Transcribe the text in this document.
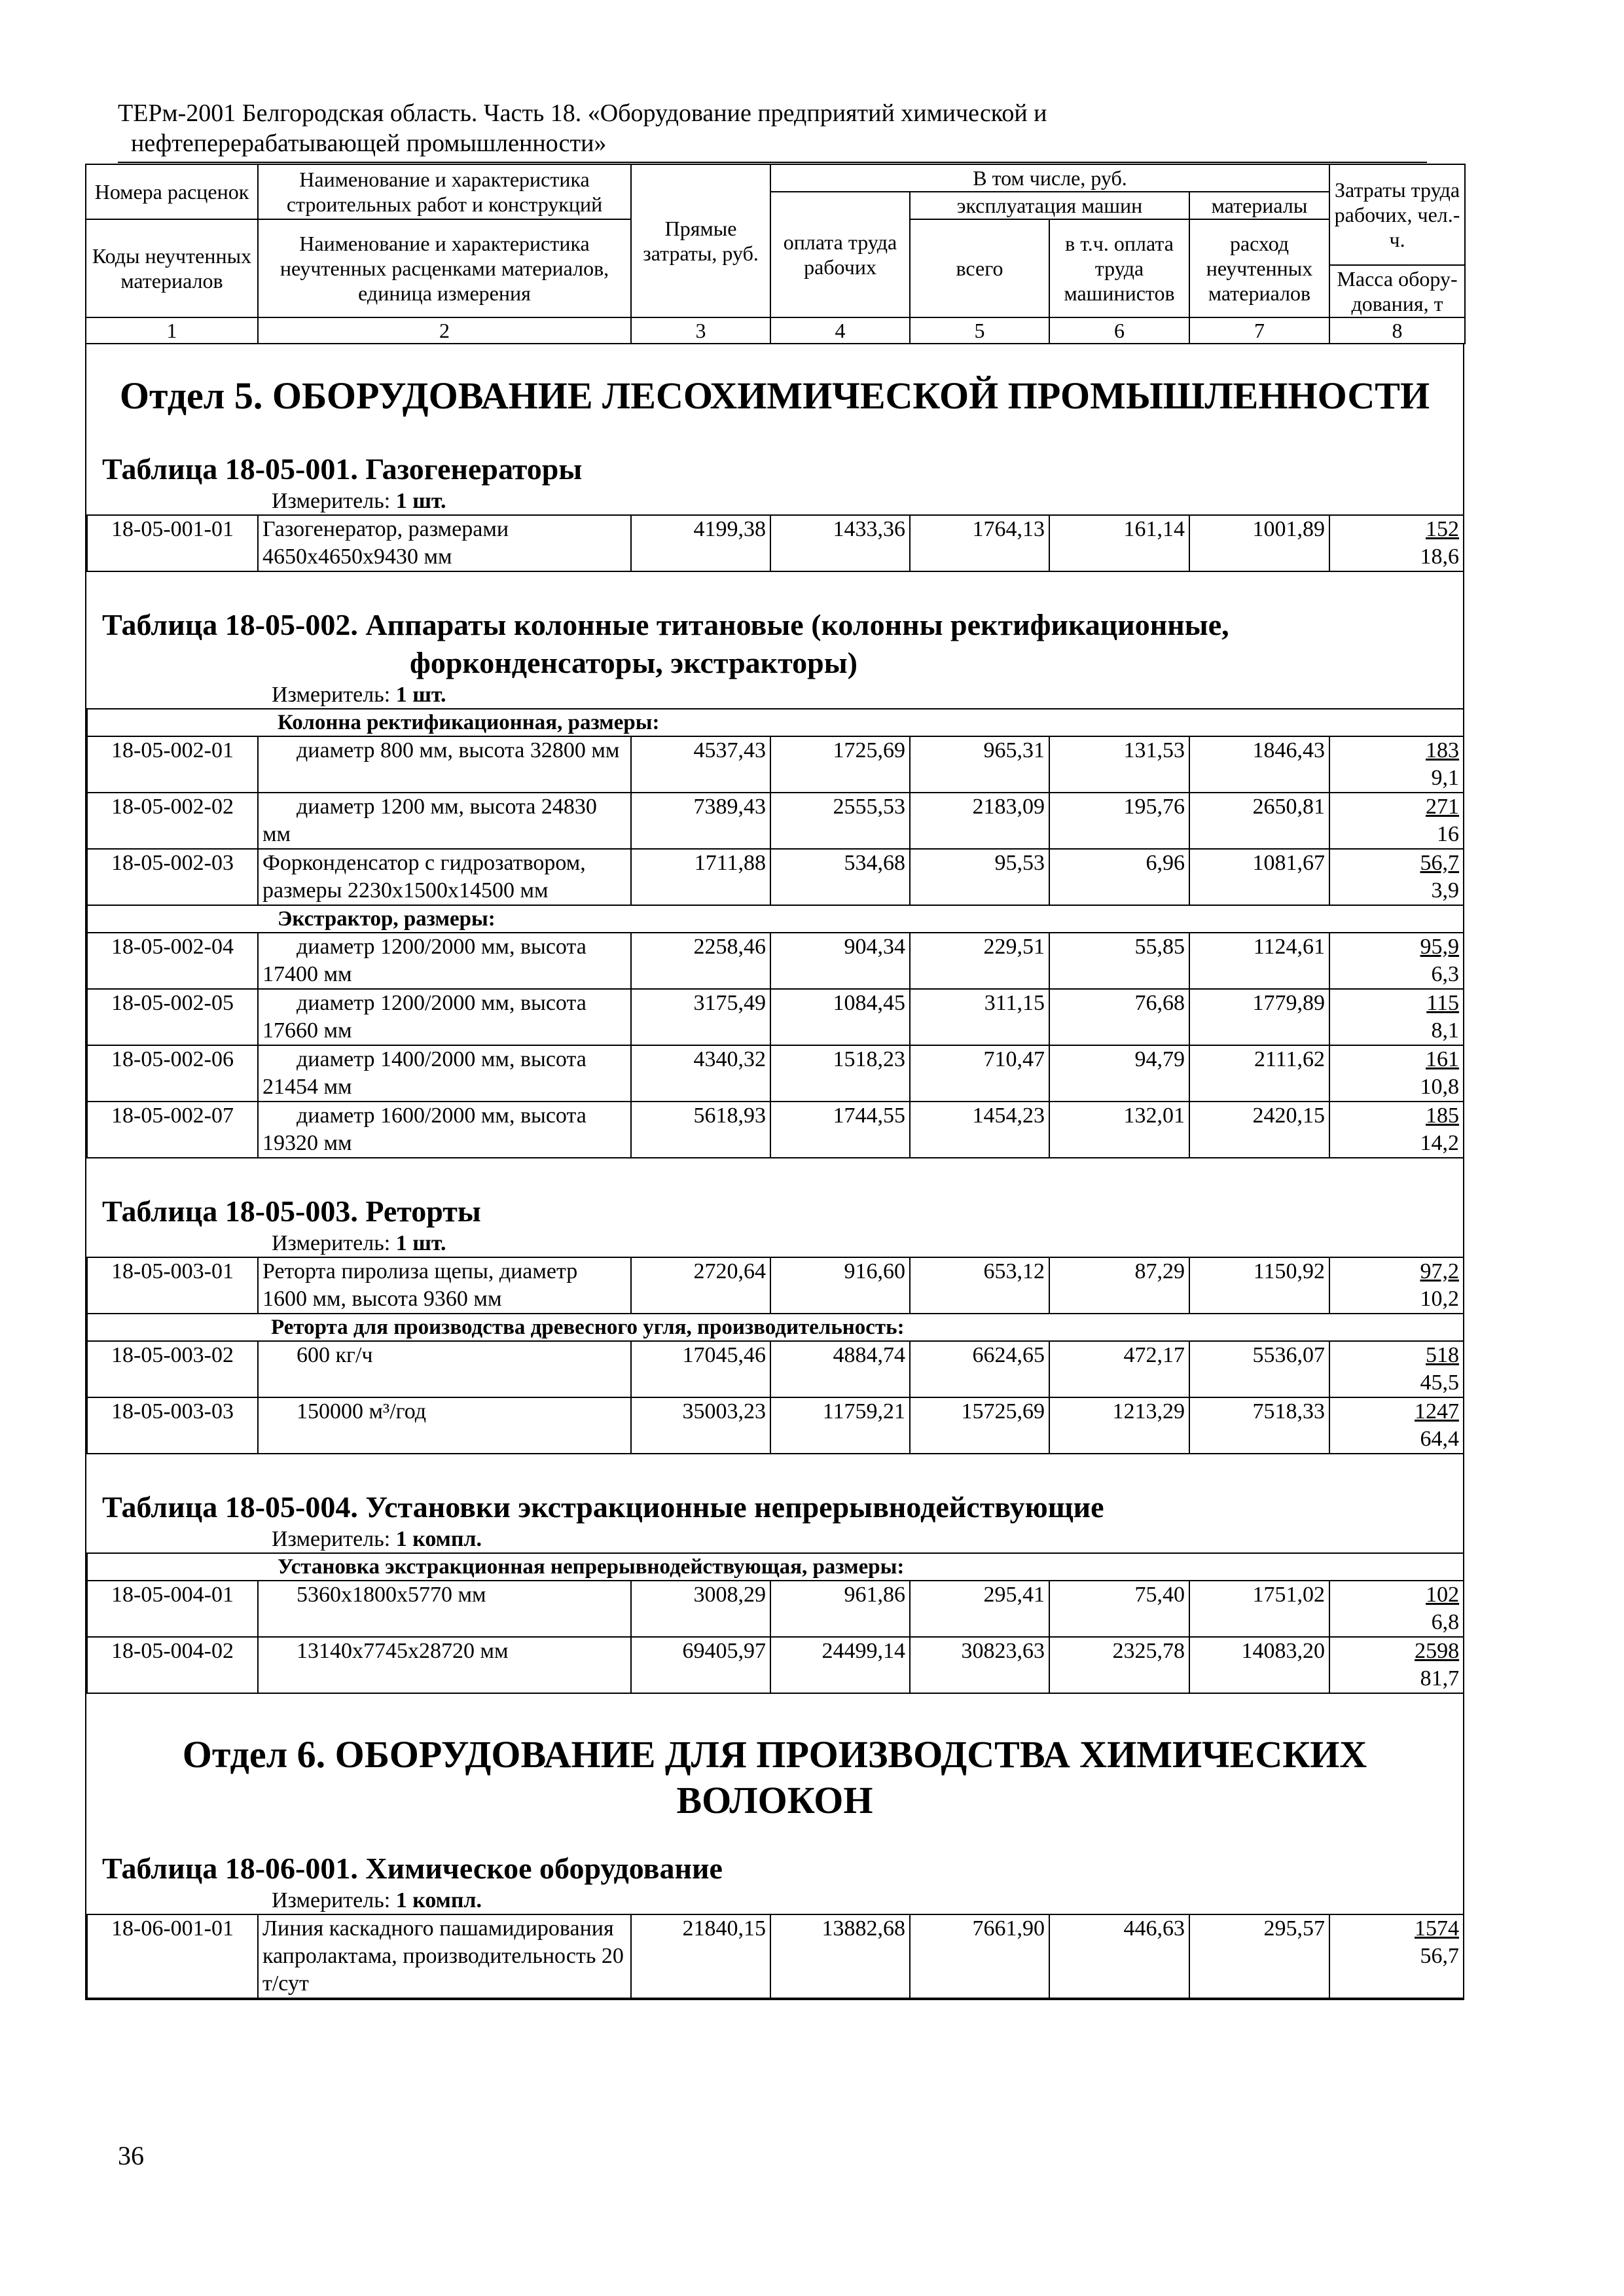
ТЕРм-2001 Белгородская область. Часть 18. «Оборудование предприятий химической и
нефтеперерабатывающей промышленности»
Номера расценок	Наименование и характеристика строительных работ и конструкций	Прямые затраты, руб.	В том числе, руб.				Затраты труда рабочих, чел.-ч.
			оплата труда рабочих	эксплуатация машин		материалы	
Коды неучтенных материалов	Наименование и характеристика неучтенных расценками материалов, единица измерения			всего	в т.ч. оплата труда машинистов	расход неучтенных материалов	
							Масса обору-дования, т
1	2	3	4	5	6	7	8
Отдел 5. ОБОРУДОВАНИЕ ЛЕСОХИМИЧЕСКОЙ ПРОМЫШЛЕННОСТИ
Таблица 18-05-001. Газогенераторы
Измеритель: 1 шт.
18-05-001-01	Газогенератор, размерами 4650х4650х9430 мм	4199,38	1433,36	1764,13	161,14	1001,89	152
18,6
Таблица 18-05-002. Аппараты колонные титановые (колонны ректификационные,
форконденсаторы, экстракторы)
Измеритель: 1 шт.
Колонна ректификационная, размеры:							
18-05-002-01	диаметр 800 мм, высота 32800 мм	4537,43	1725,69	965,31	131,53	1846,43	183
9,1

18-05-002-02	диаметр 1200 мм, высота 24830 мм	7389,43	2555,53	2183,09	195,76	2650,81	271
16

18-05-002-03	Форконденсатор с гидрозатвором, размеры 2230х1500х14500 мм	1711,88	534,68	95,53	6,96	1081,67	56,7
3,9

Экстрактор, размеры:							
18-05-002-04	диаметр 1200/2000 мм, высота 17400 мм	2258,46	904,34	229,51	55,85	1124,61	95,9
6,3

18-05-002-05	диаметр 1200/2000 мм, высота 17660 мм	3175,49	1084,45	311,15	76,68	1779,89	115
8,1

18-05-002-06	диаметр 1400/2000 мм, высота 21454 мм	4340,32	1518,23	710,47	94,79	2111,62	161
10,8

18-05-002-07	диаметр 1600/2000 мм, высота 19320 мм	5618,93	1744,55	1454,23	132,01	2420,15	185
14,2
Таблица 18-05-003. Реторты
Измеритель: 1 шт.
18-05-003-01	Реторта пиролиза щепы, диаметр 1600 мм, высота 9360 мм	2720,64	916,60	653,12	87,29	1150,92	97,2
10,2

Реторта для производства древесного угля, производительность:							
18-05-003-02	600 кг/ч	17045,46	4884,74	6624,65	472,17	5536,07	518
45,5

18-05-003-03	150000 м³/год	35003,23	11759,21	15725,69	1213,29	7518,33	1247
64,4
Таблица 18-05-004. Установки экстракционные непрерывнодействующие
Измеритель: 1 компл.
Установка экстракционная непрерывнодействующая, размеры:							
18-05-004-01	5360х1800х5770 мм	3008,29	961,86	295,41	75,40	1751,02	102
6,8

18-05-004-02	13140х7745х28720 мм	69405,97	24499,14	30823,63	2325,78	14083,20	2598
81,7
Отдел 6. ОБОРУДОВАНИЕ ДЛЯ ПРОИЗВОДСТВА ХИМИЧЕСКИХ
ВОЛОКОН
Таблица 18-06-001. Химическое оборудование
Измеритель: 1 компл.
18-06-001-01	Линия каскадного пашамидирования капролактама, производительность 20 т/сут	21840,15	13882,68	7661,90	446,63	295,57	1574
56,7
36
